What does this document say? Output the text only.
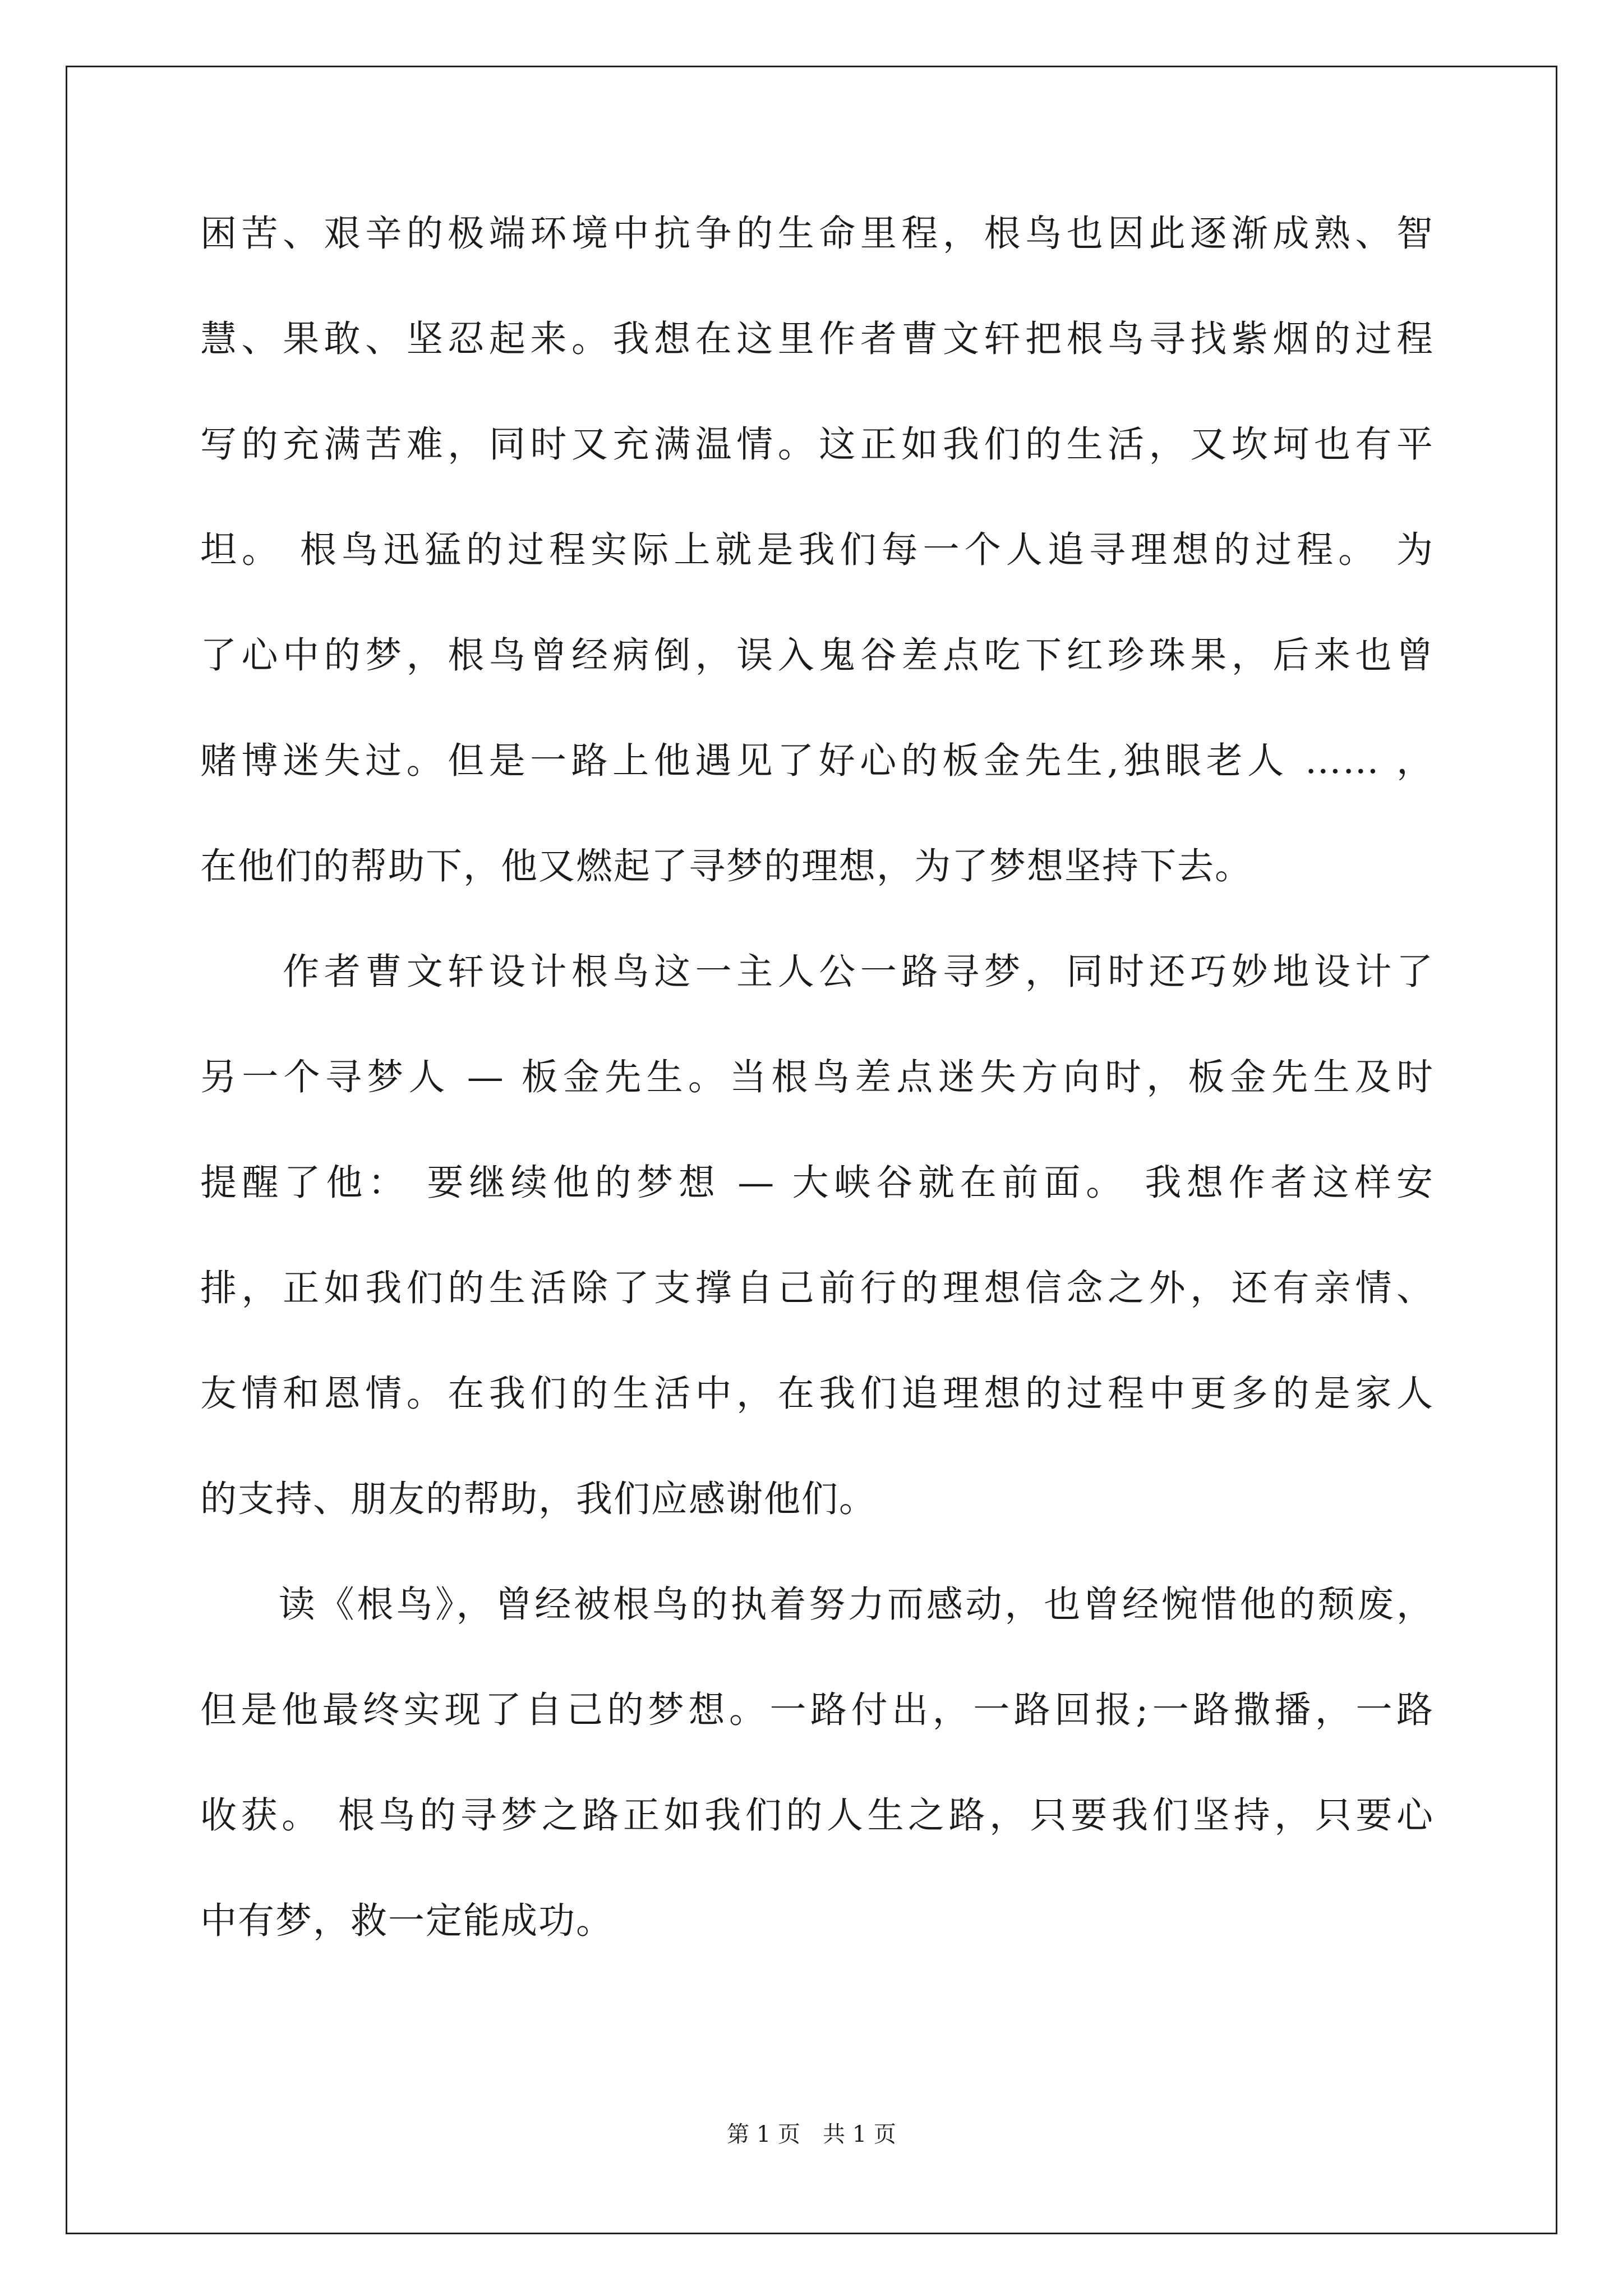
困苦、艰辛的极端环境中抗争的生命里程，根鸟也因此逐渐成熟、智
慧、果敢、坚忍起来。我想在这里作者曹文轩把根鸟寻找紫烟的过程
写的充满苦难，同时又充满温情。这正如我们的生活，又坎坷也有平
坦。 根鸟迅猛的过程实际上就是我们每一个人追寻理想的过程。 为
了心中的梦，根鸟曾经病倒，误入鬼谷差点吃下红珍珠果，后来也曾
赌博迷失过。但是一路上他遇见了好心的板金先生,独眼老人 …… ，
在他们的帮助下，他又燃起了寻梦的理想，为了梦想坚持下去。
　　作者曹文轩设计根鸟这一主人公一路寻梦，同时还巧妙地设计了
另一个寻梦人 — 板金先生。当根鸟差点迷失方向时，板金先生及时
提醒了他： 要继续他的梦想 — 大峡谷就在前面。 我想作者这样安
排，正如我们的生活除了支撑自己前行的理想信念之外，还有亲情、
友情和恩情。在我们的生活中，在我们追理想的过程中更多的是家人
的支持、朋友的帮助，我们应感谢他们。
　　读《根鸟》，曾经被根鸟的执着努力而感动，也曾经惋惜他的颓废，
但是他最终实现了自己的梦想。一路付出，一路回报;一路撒播，一路
收获。 根鸟的寻梦之路正如我们的人生之路，只要我们坚持，只要心
中有梦，救一定能成功。
第 1 页　共 1 页
